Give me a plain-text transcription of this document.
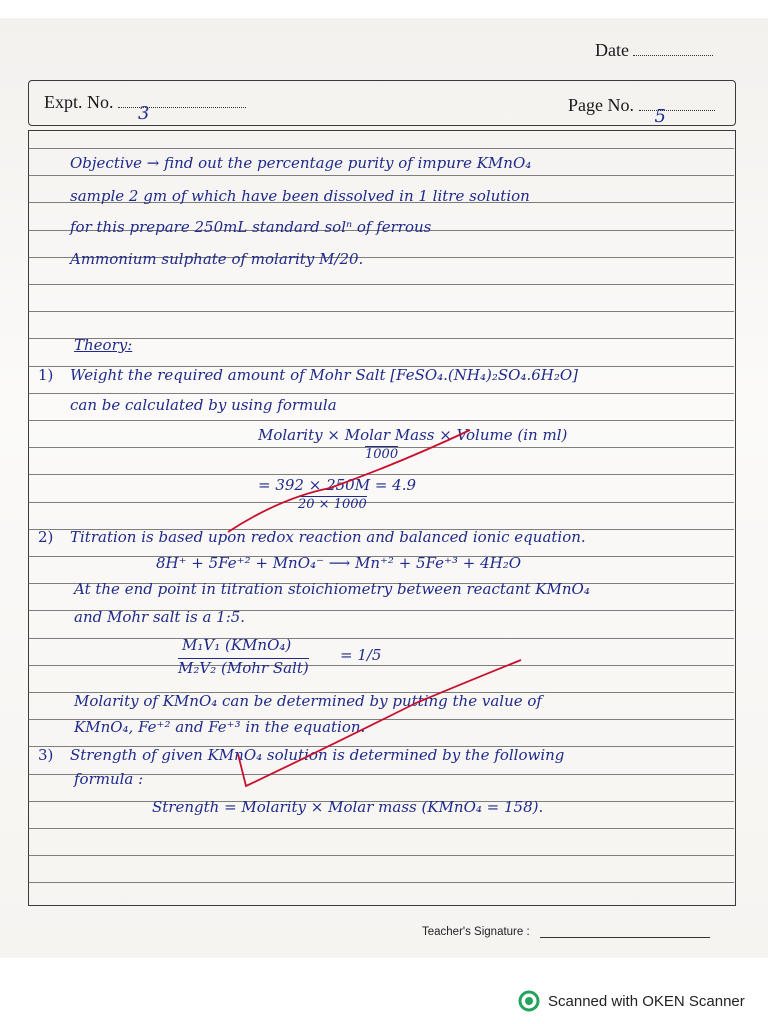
Date
Expt. No.
3	Page No.
5
Objective → find out the percentage purity of impure KMnO₄
sample 2 gm of which have been dissolved in 1 litre solution
for this prepare 250mL standard solⁿ of ferrous
Ammonium sulphate of molarity M/20.
Theory:
1) Weight the required amount of Mohr Salt [FeSO₄.(NH₄)₂SO₄.6H₂O]
can be calculated by using formula
Molarity × Molar Mass × Volume (in ml)
1000
= 392 × 250M = 4.9
20 × 1000
2) Titration is based upon redox reaction and balanced ionic equation.
8H⁺ + 5Fe⁺² + MnO₄⁻ ⟶ Mn⁺² + 5Fe⁺³ + 4H₂O
At the end point in titration stoichiometry between reactant KMnO₄
and Mohr salt is a 1:5.
M₁V₁ (KMnO₄)
M₂V₂ (Mohr Salt)
= 1/5
Molarity of KMnO₄ can be determined by putting the value of
KMnO₄, Fe⁺² and Fe⁺³ in the equation.
3) Strength of given KMnO₄ solution is determined by the following
formula :
Strength = Molarity × Molar mass (KMnO₄ = 158).
Teacher's Signature :
Scanned with OKEN Scanner
